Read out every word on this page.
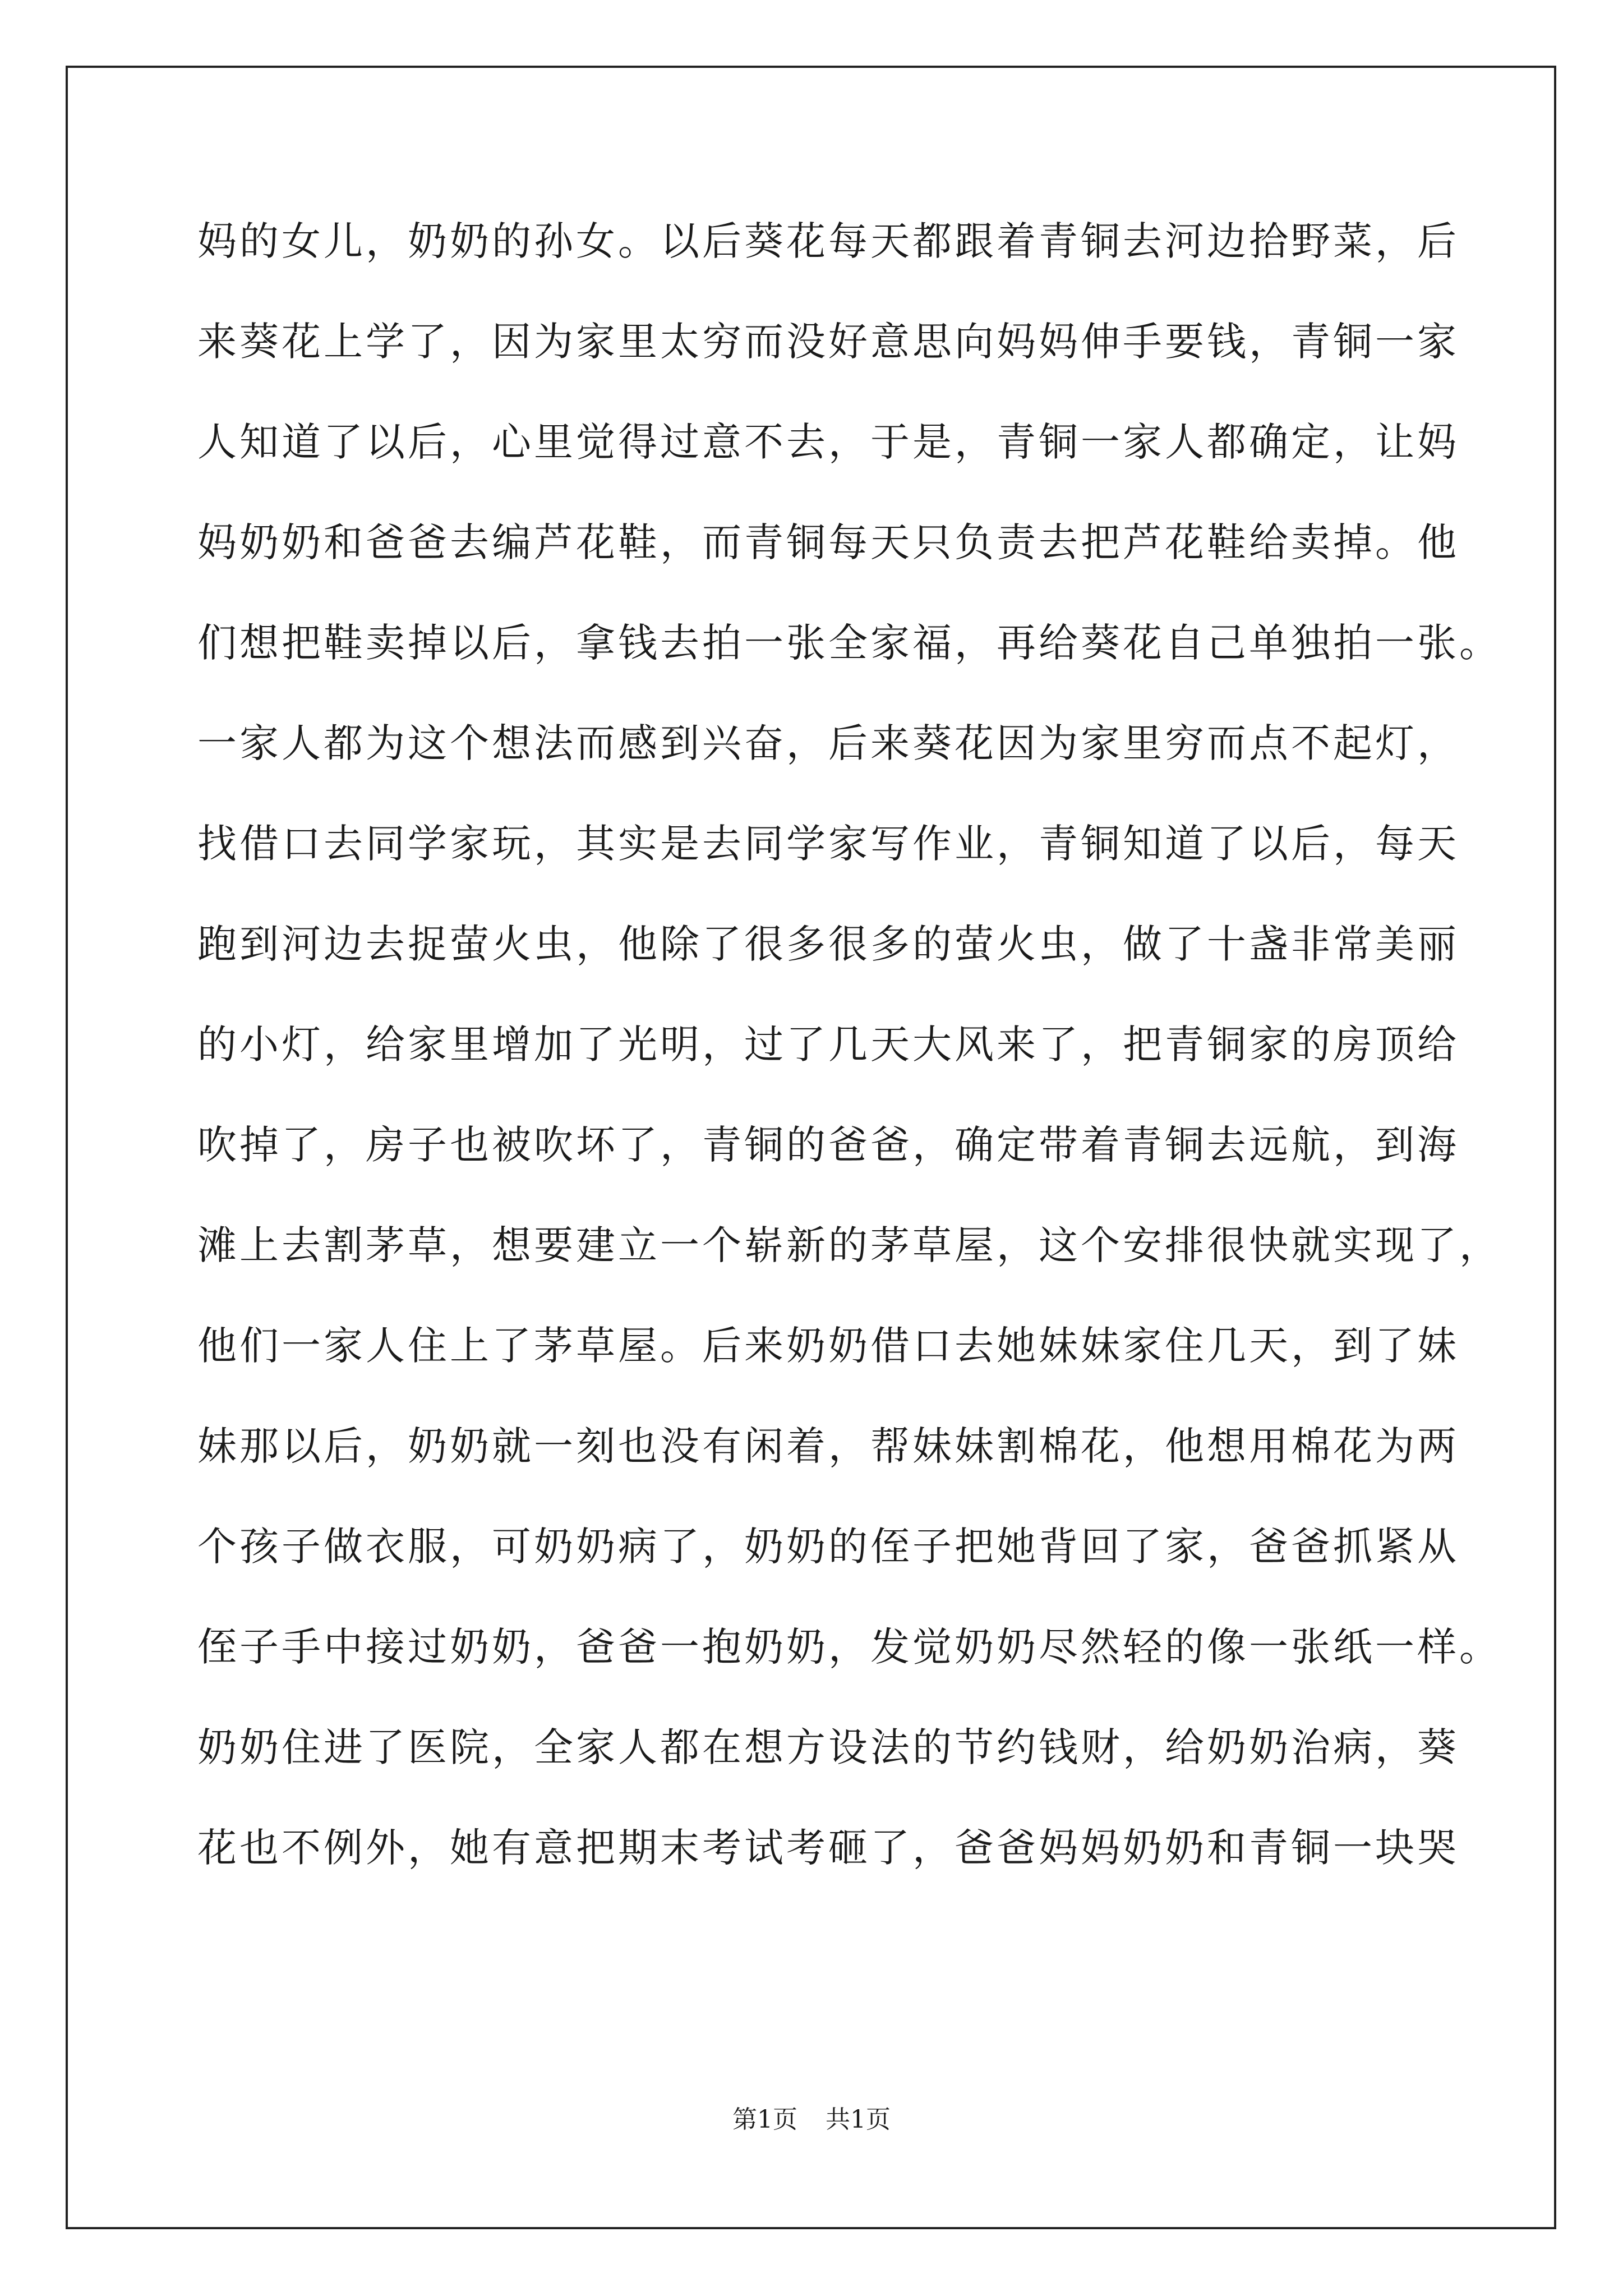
妈的女儿，奶奶的孙女。以后葵花每天都跟着青铜去河边拾野菜，后
来葵花上学了，因为家里太穷而没好意思向妈妈伸手要钱，青铜一家
人知道了以后，心里觉得过意不去，于是，青铜一家人都确定，让妈
妈奶奶和爸爸去编芦花鞋，而青铜每天只负责去把芦花鞋给卖掉。他
们想把鞋卖掉以后，拿钱去拍一张全家福，再给葵花自己单独拍一张。
一家人都为这个想法而感到兴奋，后来葵花因为家里穷而点不起灯，
找借口去同学家玩，其实是去同学家写作业，青铜知道了以后，每天
跑到河边去捉萤火虫，他除了很多很多的萤火虫，做了十盏非常美丽
的小灯，给家里增加了光明，过了几天大风来了，把青铜家的房顶给
吹掉了，房子也被吹坏了，青铜的爸爸，确定带着青铜去远航，到海
滩上去割茅草，想要建立一个崭新的茅草屋，这个安排很快就实现了，
他们一家人住上了茅草屋。后来奶奶借口去她妹妹家住几天，到了妹
妹那以后，奶奶就一刻也没有闲着，帮妹妹割棉花，他想用棉花为两
个孩子做衣服，可奶奶病了，奶奶的侄子把她背回了家，爸爸抓紧从
侄子手中接过奶奶，爸爸一抱奶奶，发觉奶奶尽然轻的像一张纸一样。
奶奶住进了医院，全家人都在想方设法的节约钱财，给奶奶治病，葵
花也不例外，她有意把期末考试考砸了，爸爸妈妈奶奶和青铜一块哭
第1页 共1页
